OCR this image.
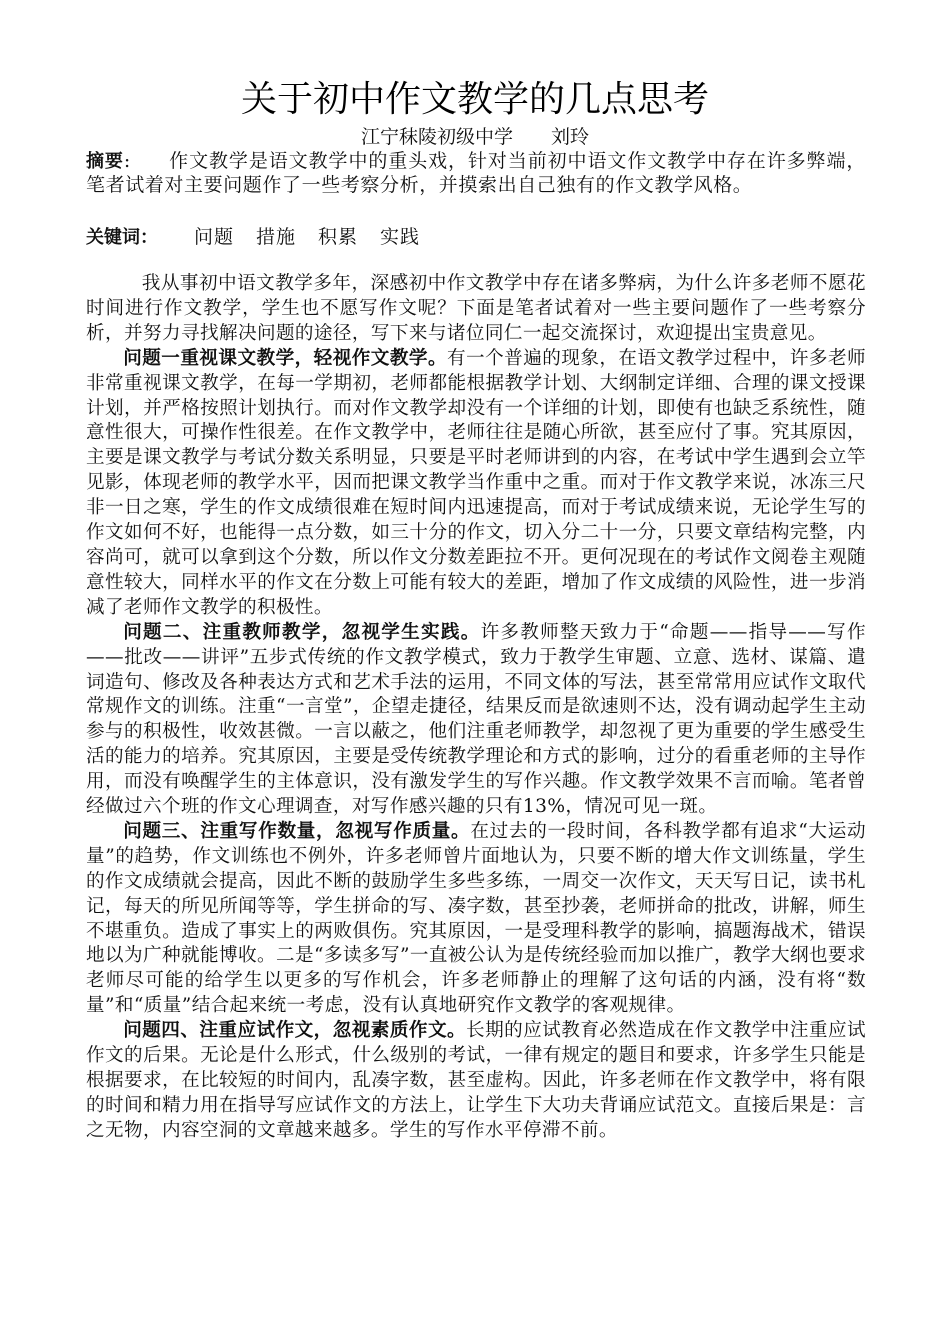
关于初中作文教学的几点思考
江宁秣陵初级中学 刘玲
摘要: 作文教学是语文教学中的重头戏，针对当前初中语文作文教学中存在许多弊端，笔者试着对主要问题作了一些考察分析，并摸索出自己独有的作文教学风格。
关键词： 问题 措施 积累 实践

我从事初中语文教学多年，深感初中作文教学中存在诸多弊病，为什么许多老师不愿花时间进行作文教学，学生也不愿写作文呢？下面是笔者试着对一些主要问题作了一些考察分析，并努力寻找解决问题的途径，写下来与诸位同仁一起交流探讨，欢迎提出宝贵意见。

问题一重视课文教学，轻视作文教学。有一个普遍的现象，在语文教学过程中，许多老师非常重视课文教学，在每一学期初，老师都能根据教学计划、大纲制定详细、合理的课文授课计划，并严格按照计划执行。而对作文教学却没有一个详细的计划，即使有也缺乏系统性，随意性很大，可操作性很差。在作文教学中，老师往往是随心所欲，甚至应付了事。究其原因，主要是课文教学与考试分数关系明显，只要是平时老师讲到的内容，在考试中学生遇到会立竿见影，体现老师的教学水平，因而把课文教学当作重中之重。而对于作文教学来说，冰冻三尺非一日之寒，学生的作文成绩很难在短时间内迅速提高，而对于考试成绩来说，无论学生写的作文如何不好，也能得一点分数，如三十分的作文，切入分二十一分，只要文章结构完整，内容尚可，就可以拿到这个分数，所以作文分数差距拉不开。更何况现在的考试作文阅卷主观随意性较大，同样水平的作文在分数上可能有较大的差距，增加了作文成绩的风险性，进一步消减了老师作文教学的积极性。

问题二、注重教师教学，忽视学生实践。许多教师整天致力于“命题——指导——写作——批改——讲评”五步式传统的作文教学模式，致力于教学生审题、立意、选材、谋篇、遣词造句、修改及各种表达方式和艺术手法的运用，不同文体的写法，甚至常常用应试作文取代常规作文的训练。注重“一言堂”，企望走捷径，结果反而是欲速则不达，没有调动起学生主动参与的积极性，收效甚微。一言以蔽之，他们注重老师教学，却忽视了更为重要的学生感受生活的能力的培养。究其原因，主要是受传统教学理论和方式的影响，过分的看重老师的主导作用，而没有唤醒学生的主体意识，没有激发学生的写作兴趣。作文教学效果不言而喻。笔者曾经做过六个班的作文心理调查，对写作感兴趣的只有13%，情况可见一斑。

问题三、注重写作数量，忽视写作质量。在过去的一段时间，各科教学都有追求“大运动量”的趋势，作文训练也不例外，许多老师曾片面地认为，只要不断的增大作文训练量，学生的作文成绩就会提高，因此不断的鼓励学生多些多练，一周交一次作文，天天写日记，读书札记，每天的所见所闻等等，学生拼命的写、凑字数，甚至抄袭，老师拼命的批改，讲解，师生不堪重负。造成了事实上的两败俱伤。究其原因，一是受理科教学的影响，搞题海战术，错误地以为广种就能博收。二是“多读多写”一直被公认为是传统经验而加以推广，教学大纲也要求老师尽可能的给学生以更多的写作机会，许多老师静止的理解了这句话的内涵，没有将“数量”和“质量”结合起来统一考虑，没有认真地研究作文教学的客观规律。

问题四、注重应试作文，忽视素质作文。长期的应试教育必然造成在作文教学中注重应试作文的后果。无论是什么形式，什么级别的考试，一律有规定的题目和要求，许多学生只能是根据要求，在比较短的时间内，乱凑字数，甚至虚构。因此，许多老师在作文教学中，将有限的时间和精力用在指导写应试作文的方法上，让学生下大功夫背诵应试范文。直接后果是：言之无物，内容空洞的文章越来越多。学生的写作水平停滞不前。
